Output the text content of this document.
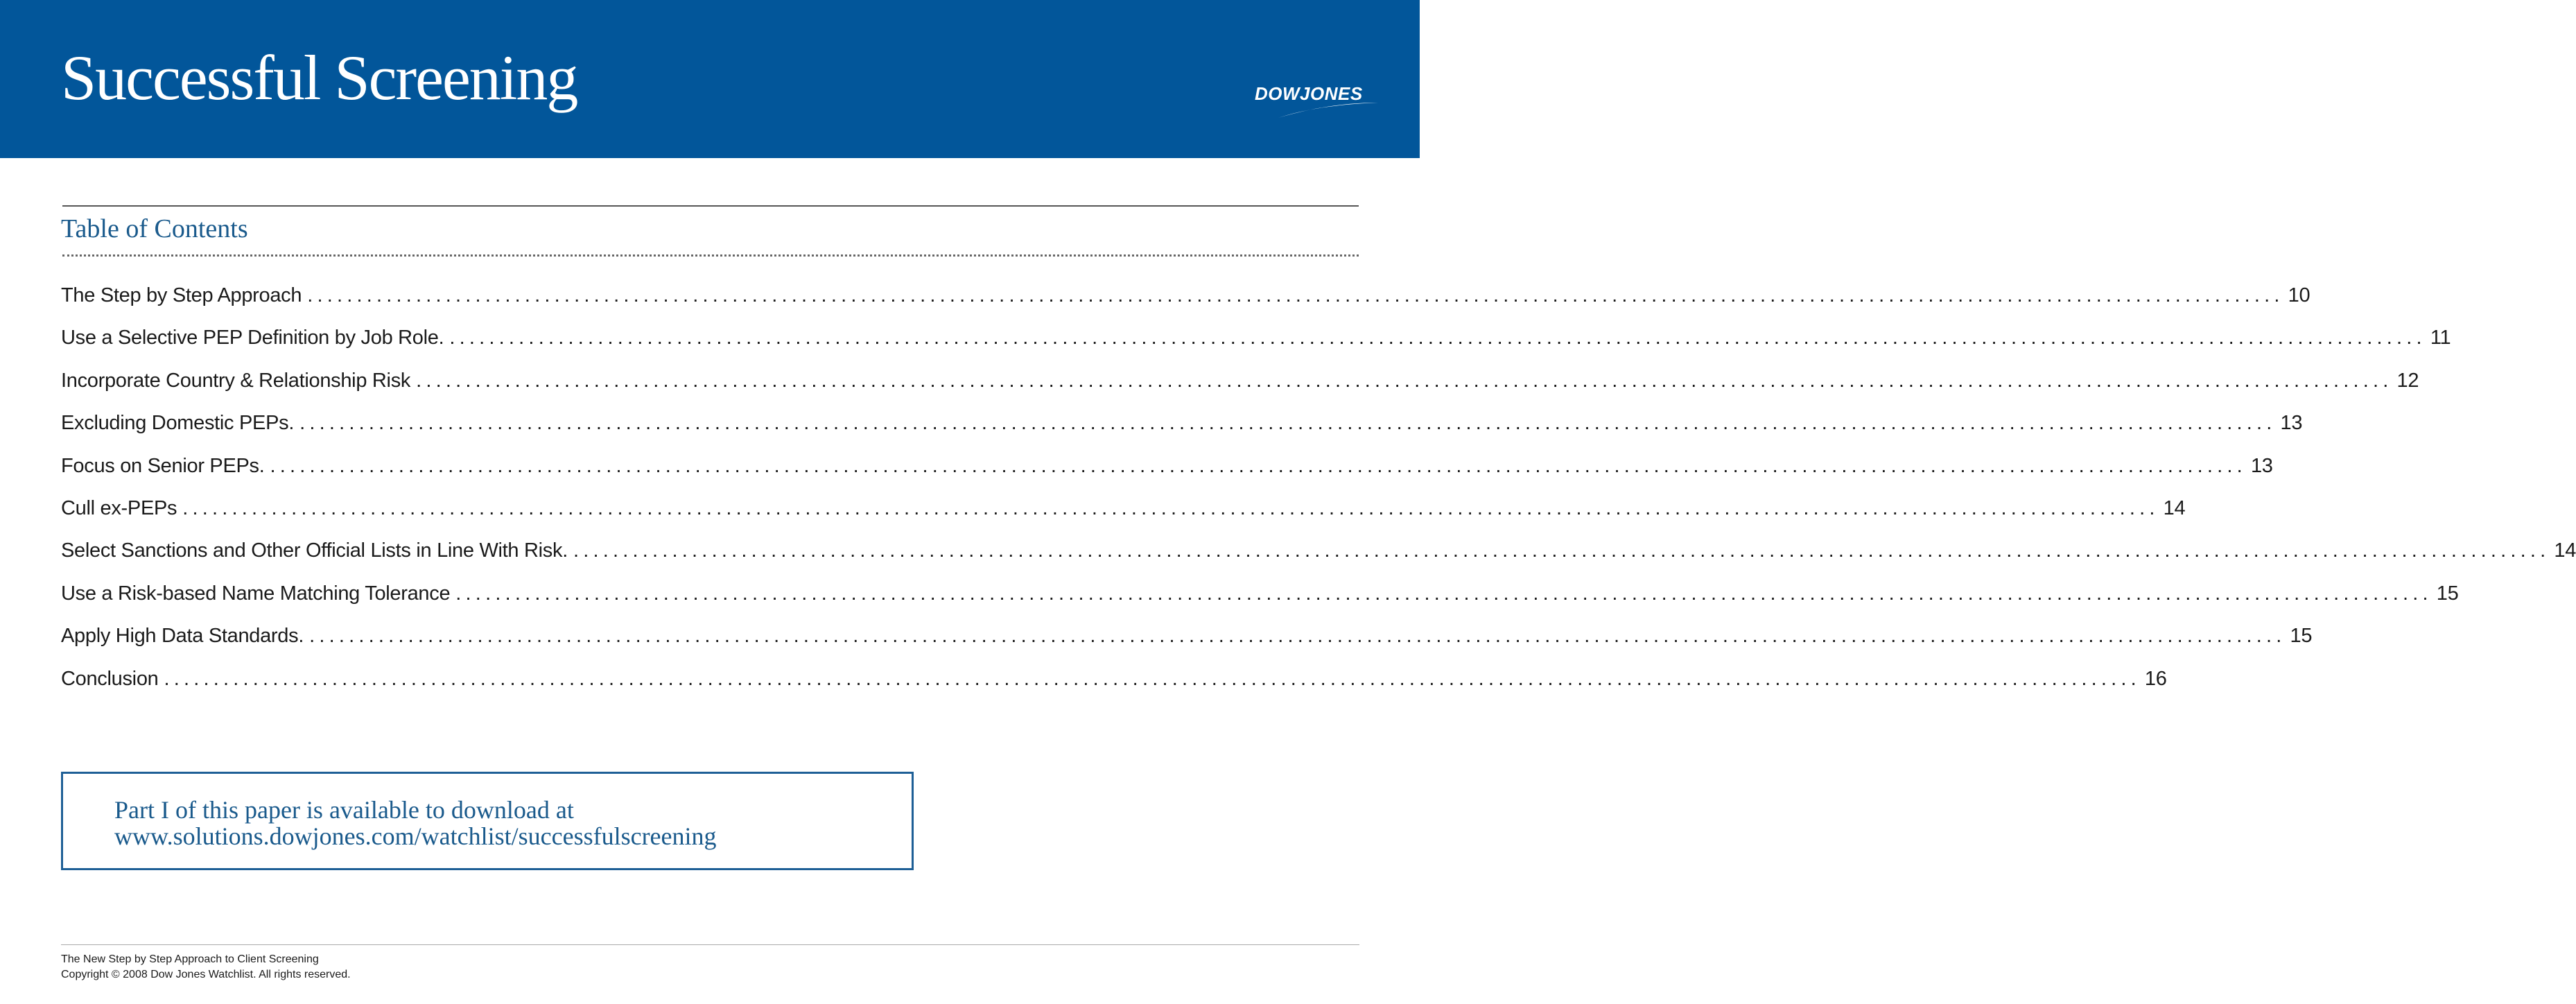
Successful Screening	DOWJONES
Table of Contents
The Step by Step Approach ........................................................................................................................................................................................................ 10
Use a Selective PEP Definition by Job Role. ........................................................................................................................................................................................................ 11
Incorporate Country & Relationship Risk ........................................................................................................................................................................................................ 12
Excluding Domestic PEPs. ........................................................................................................................................................................................................ 13
Focus on Senior PEPs. ........................................................................................................................................................................................................ 13
Cull ex-PEPs ........................................................................................................................................................................................................ 14
Select Sanctions and Other Official Lists in Line With Risk. ........................................................................................................................................................................................................ 14
Use a Risk-based Name Matching Tolerance ........................................................................................................................................................................................................ 15
Apply High Data Standards. ........................................................................................................................................................................................................ 15
Conclusion ........................................................................................................................................................................................................ 16
Part I of this paper is available to download at
www.solutions.dowjones.com/watchlist/successfulscreening
The New Step by Step Approach to Client Screening
Copyright © 2008 Dow Jones Watchlist. All rights reserved.
